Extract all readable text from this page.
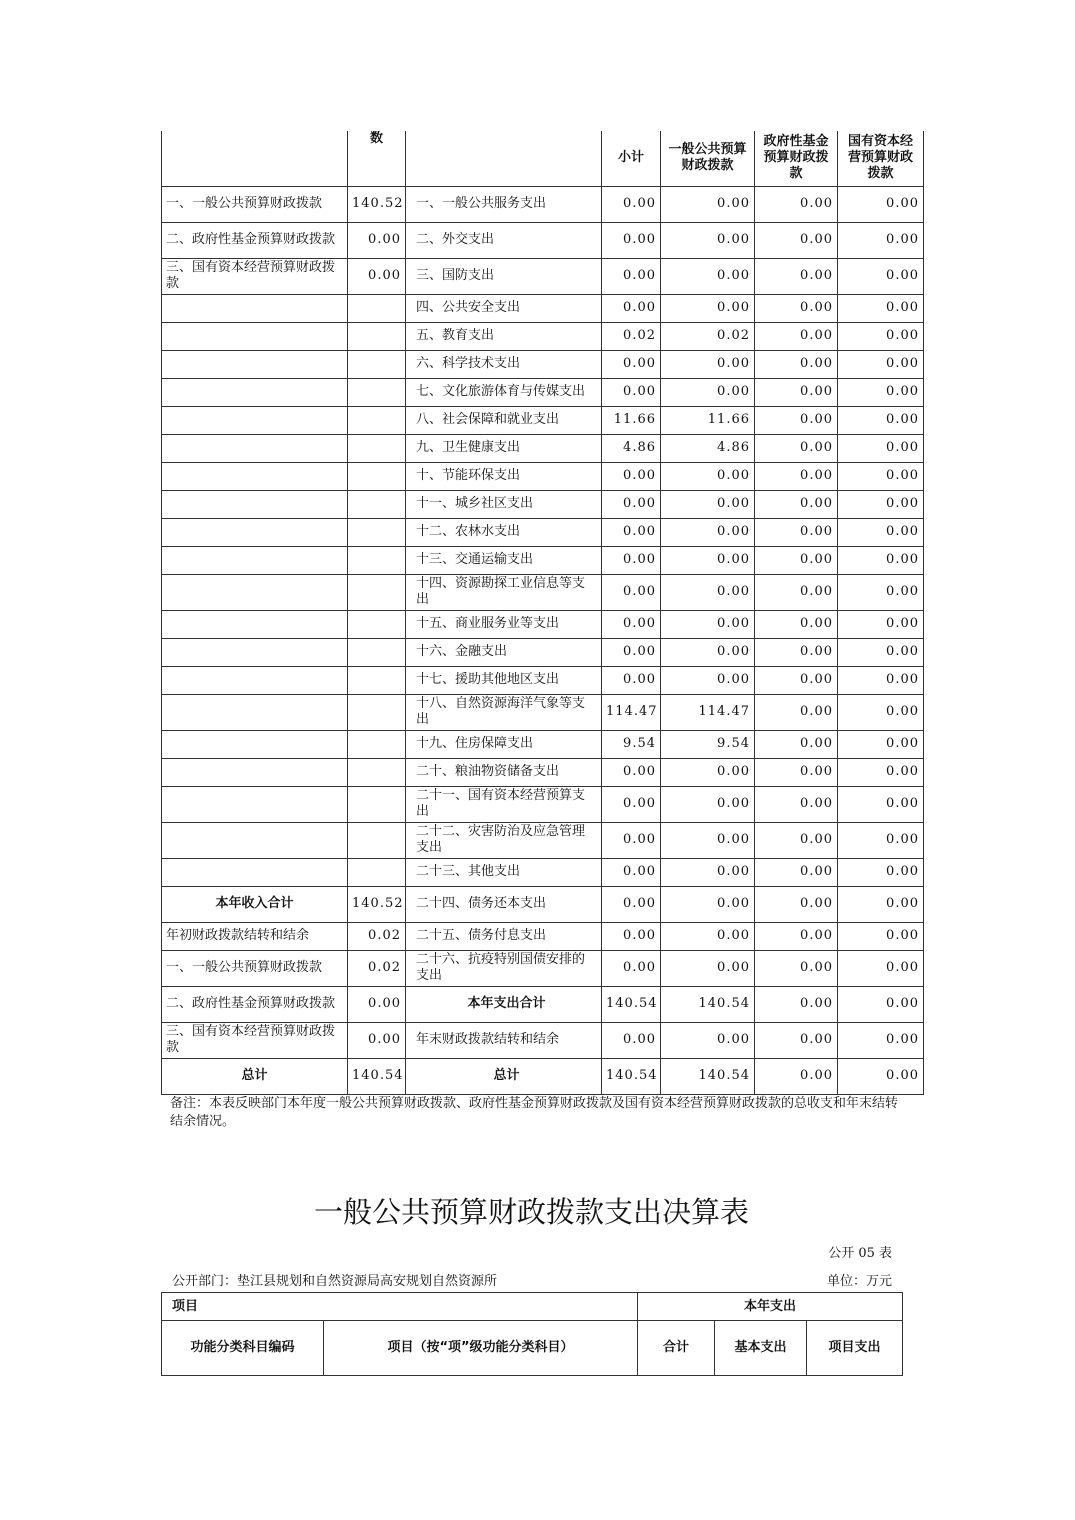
	数		小计	一般公共预算财政拨款	政府性基金预算财政拨款	国有资本经营预算财政拨款
一、一般公共预算财政拨款	140.52	一、一般公共服务支出	0.00	0.00	0.00	0.00
二、政府性基金预算财政拨款	0.00	二、外交支出	0.00	0.00	0.00	0.00
三、国有资本经营预算财政拨款	0.00	三、国防支出	0.00	0.00	0.00	0.00
		四、公共安全支出	0.00	0.00	0.00	0.00
		五、教育支出	0.02	0.02	0.00	0.00
		六、科学技术支出	0.00	0.00	0.00	0.00
		七、文化旅游体育与传媒支出	0.00	0.00	0.00	0.00
		八、社会保障和就业支出	11.66	11.66	0.00	0.00
		九、卫生健康支出	4.86	4.86	0.00	0.00
		十、节能环保支出	0.00	0.00	0.00	0.00
		十一、城乡社区支出	0.00	0.00	0.00	0.00
		十二、农林水支出	0.00	0.00	0.00	0.00
		十三、交通运输支出	0.00	0.00	0.00	0.00
		十四、资源勘探工业信息等支出	0.00	0.00	0.00	0.00
		十五、商业服务业等支出	0.00	0.00	0.00	0.00
		十六、金融支出	0.00	0.00	0.00	0.00
		十七、援助其他地区支出	0.00	0.00	0.00	0.00
		十八、自然资源海洋气象等支出	114.47	114.47	0.00	0.00
		十九、住房保障支出	9.54	9.54	0.00	0.00
		二十、粮油物资储备支出	0.00	0.00	0.00	0.00
		二十一、国有资本经营预算支出	0.00	0.00	0.00	0.00
		二十二、灾害防治及应急管理支出	0.00	0.00	0.00	0.00
		二十三、其他支出	0.00	0.00	0.00	0.00
本年收入合计	140.52	二十四、债务还本支出	0.00	0.00	0.00	0.00
年初财政拨款结转和结余	0.02	二十五、债务付息支出	0.00	0.00	0.00	0.00
一、一般公共预算财政拨款	0.02	二十六、抗疫特别国债安排的支出	0.00	0.00	0.00	0.00
二、政府性基金预算财政拨款	0.00	本年支出合计	140.54	140.54	0.00	0.00
三、国有资本经营预算财政拨款	0.00	年末财政拨款结转和结余	0.00	0.00	0.00	0.00
总计	140.54	总计	140.54	140.54	0.00	0.00
备注：本表反映部门本年度一般公共预算财政拨款、政府性基金预算财政拨款及国有资本经营预算财政拨款的总收支和年末结转结余情况。
一般公共预算财政拨款支出决算表
公开 05 表
公开部门：垫江县规划和自然资源局高安规划自然资源所	单位：万元
项目		本年支出		
功能分类科目编码	项目（按“项”级功能分类科目）	合计	基本支出	项目支出
